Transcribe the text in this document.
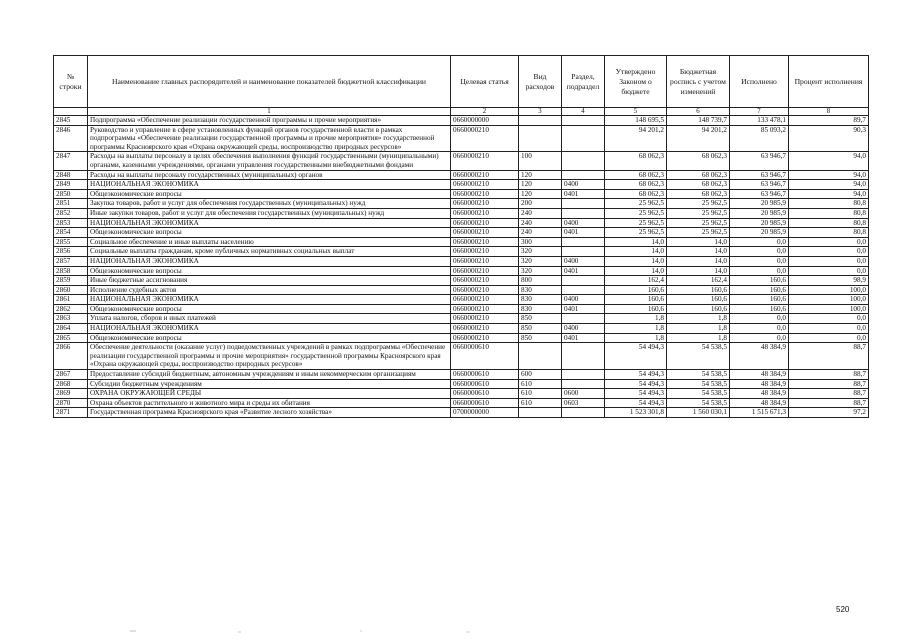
№ строки	Наименование главных распорядителей и наименование показателей бюджетной классификации	Целевая статья	Вид расходов	Раздел, подраздел	Утверждено Законом о бюджете	Бюджетная роспись с учетом изменений	Исполнено	Процент исполнения
	1	2	3	4	5	6	7	8
2845	Подпрограмма «Обеспечение реализации государственной программы и прочие мероприятия»	0660000000			148 695,5	148 739,7	133 478,1	89,7
2846	Руководство и управление в сфере установленных функций органов государственной власти в рамках подпрограммы «Обеспечение реализации государственной программы и прочие мероприятия» государственной программы Красноярского края «Охрана окружающей среды, воспроизводство природных ресурсов»	0660000210			94 201,2	94 201,2	85 093,2	90,3
2847	Расходы на выплаты персоналу в целях обеспечения выполнения функций государственными (муниципальными) органами, казенными учреждениями, органами управления государственными внебюджетными фондами	0660000210	100		68 062,3	68 062,3	63 946,7	94,0
2848	Расходы на выплаты персоналу государственных (муниципальных) органов	0660000210	120		68 062,3	68 062,3	63 946,7	94,0
2849	НАЦИОНАЛЬНАЯ ЭКОНОМИКА	0660000210	120	0400	68 062,3	68 062,3	63 946,7	94,0
2850	Общеэкономические вопросы	0660000210	120	0401	68 062,3	68 062,3	63 946,7	94,0
2851	Закупка товаров, работ и услуг для обеспечения государственных (муниципальных) нужд	0660000210	200		25 962,5	25 962,5	20 985,9	80,8
2852	Иные закупки товаров, работ и услуг для обеспечения государственных (муниципальных) нужд	0660000210	240		25 962,5	25 962,5	20 985,9	80,8
2853	НАЦИОНАЛЬНАЯ ЭКОНОМИКА	0660000210	240	0400	25 962,5	25 962,5	20 985,9	80,8
2854	Общеэкономические вопросы	0660000210	240	0401	25 962,5	25 962,5	20 985,9	80,8
2855	Социальное обеспечение и иные выплаты населению	0660000210	300		14,0	14,0	0,0	0,0
2856	Социальные выплаты гражданам, кроме публичных нормативных социальных выплат	0660000210	320		14,0	14,0	0,0	0,0
2857	НАЦИОНАЛЬНАЯ ЭКОНОМИКА	0660000210	320	0400	14,0	14,0	0,0	0,0
2858	Общеэкономические вопросы	0660000210	320	0401	14,0	14,0	0,0	0,0
2859	Иные бюджетные ассигнования	0660000210	800		162,4	162,4	160,6	98,9
2860	Исполнение судебных актов	0660000210	830		160,6	160,6	160,6	100,0
2861	НАЦИОНАЛЬНАЯ ЭКОНОМИКА	0660000210	830	0400	160,6	160,6	160,6	100,0
2862	Общеэкономические вопросы	0660000210	830	0401	160,6	160,6	160,6	100,0
2863	Уплата налогов, сборов и иных платежей	0660000210	850		1,8	1,8	0,0	0,0
2864	НАЦИОНАЛЬНАЯ ЭКОНОМИКА	0660000210	850	0400	1,8	1,8	0,0	0,0
2865	Общеэкономические вопросы	0660000210	850	0401	1,8	1,8	0,0	0,0
2866	Обеспечение деятельности (оказание услуг) подведомственных учреждений в рамках подпрограммы «Обеспечение реализации государственной программы и прочие мероприятия» государственной программы Красноярского края «Охрана окружающей среды, воспроизводство природных ресурсов»	0660000610			54 494,3	54 538,5	48 384,9	88,7
2867	Предоставление субсидий бюджетным, автономным учреждениям и иным некоммерческим организациям	0660000610	600		54 494,3	54 538,5	48 384,9	88,7
2868	Субсидии бюджетным учреждениям	0660000610	610		54 494,3	54 538,5	48 384,9	88,7
2869	ОХРАНА ОКРУЖАЮЩЕЙ СРЕДЫ	0660000610	610	0600	54 494,3	54 538,5	48 384,9	88,7
2870	Охрана объектов растительного и животного мира и среды их обитания	0660000610	610	0603	54 494,3	54 538,5	48 384,9	88,7
2871	Государственная программа Красноярского края «Развитие лесного хозяйства»	0700000000			1 523 301,8	1 560 030,1	1 515 671,3	97,2
520
